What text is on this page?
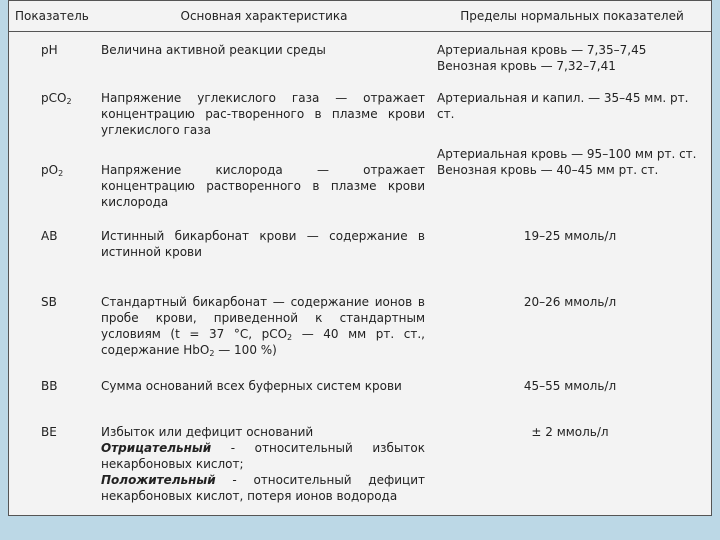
Показатель	Основная характеристика	Пределы нормальных показателей
pH	Величина активной реакции среды	Артериальная кровь — 7,35–7,45
Венозная кровь — 7,32–7,41

pCO$_2$	Напряжение углекислого газа — отражает концентрацию рас-творенного в плазме крови углекислого газа	Артериальная и капил. — 35–45 мм. рт. ст.

$pO_2$	Напряжение кислорода — отражает концентрацию растворенного в плазме крови кислорода	Артериальная кровь — 95–100 мм рт. ст.
Венозная кровь — 40–45 мм рт. ст.

AB	Истинный бикарбонат крови — содержание в истинной крови	19–25 ммоль/л

SB	Стандартный бикарбонат — содержание ионов в пробе крови, приведенной к стандартным условиям (t = 37 °С, pCO$_2$ — 40 мм рт. ст., содержание HbO$_2$ — 100 %)	20–26 ммоль/л

BB	Сумма оснований всех буферных систем крови	45–55 ммоль/л

BE	Избыток или дефицит оснований
Отрицательный - относительный избыток некарбоновых кислот;
Положительный - относительный дефицит некарбоновых кислот, потеря ионов водорода	± 2 ммоль/л
